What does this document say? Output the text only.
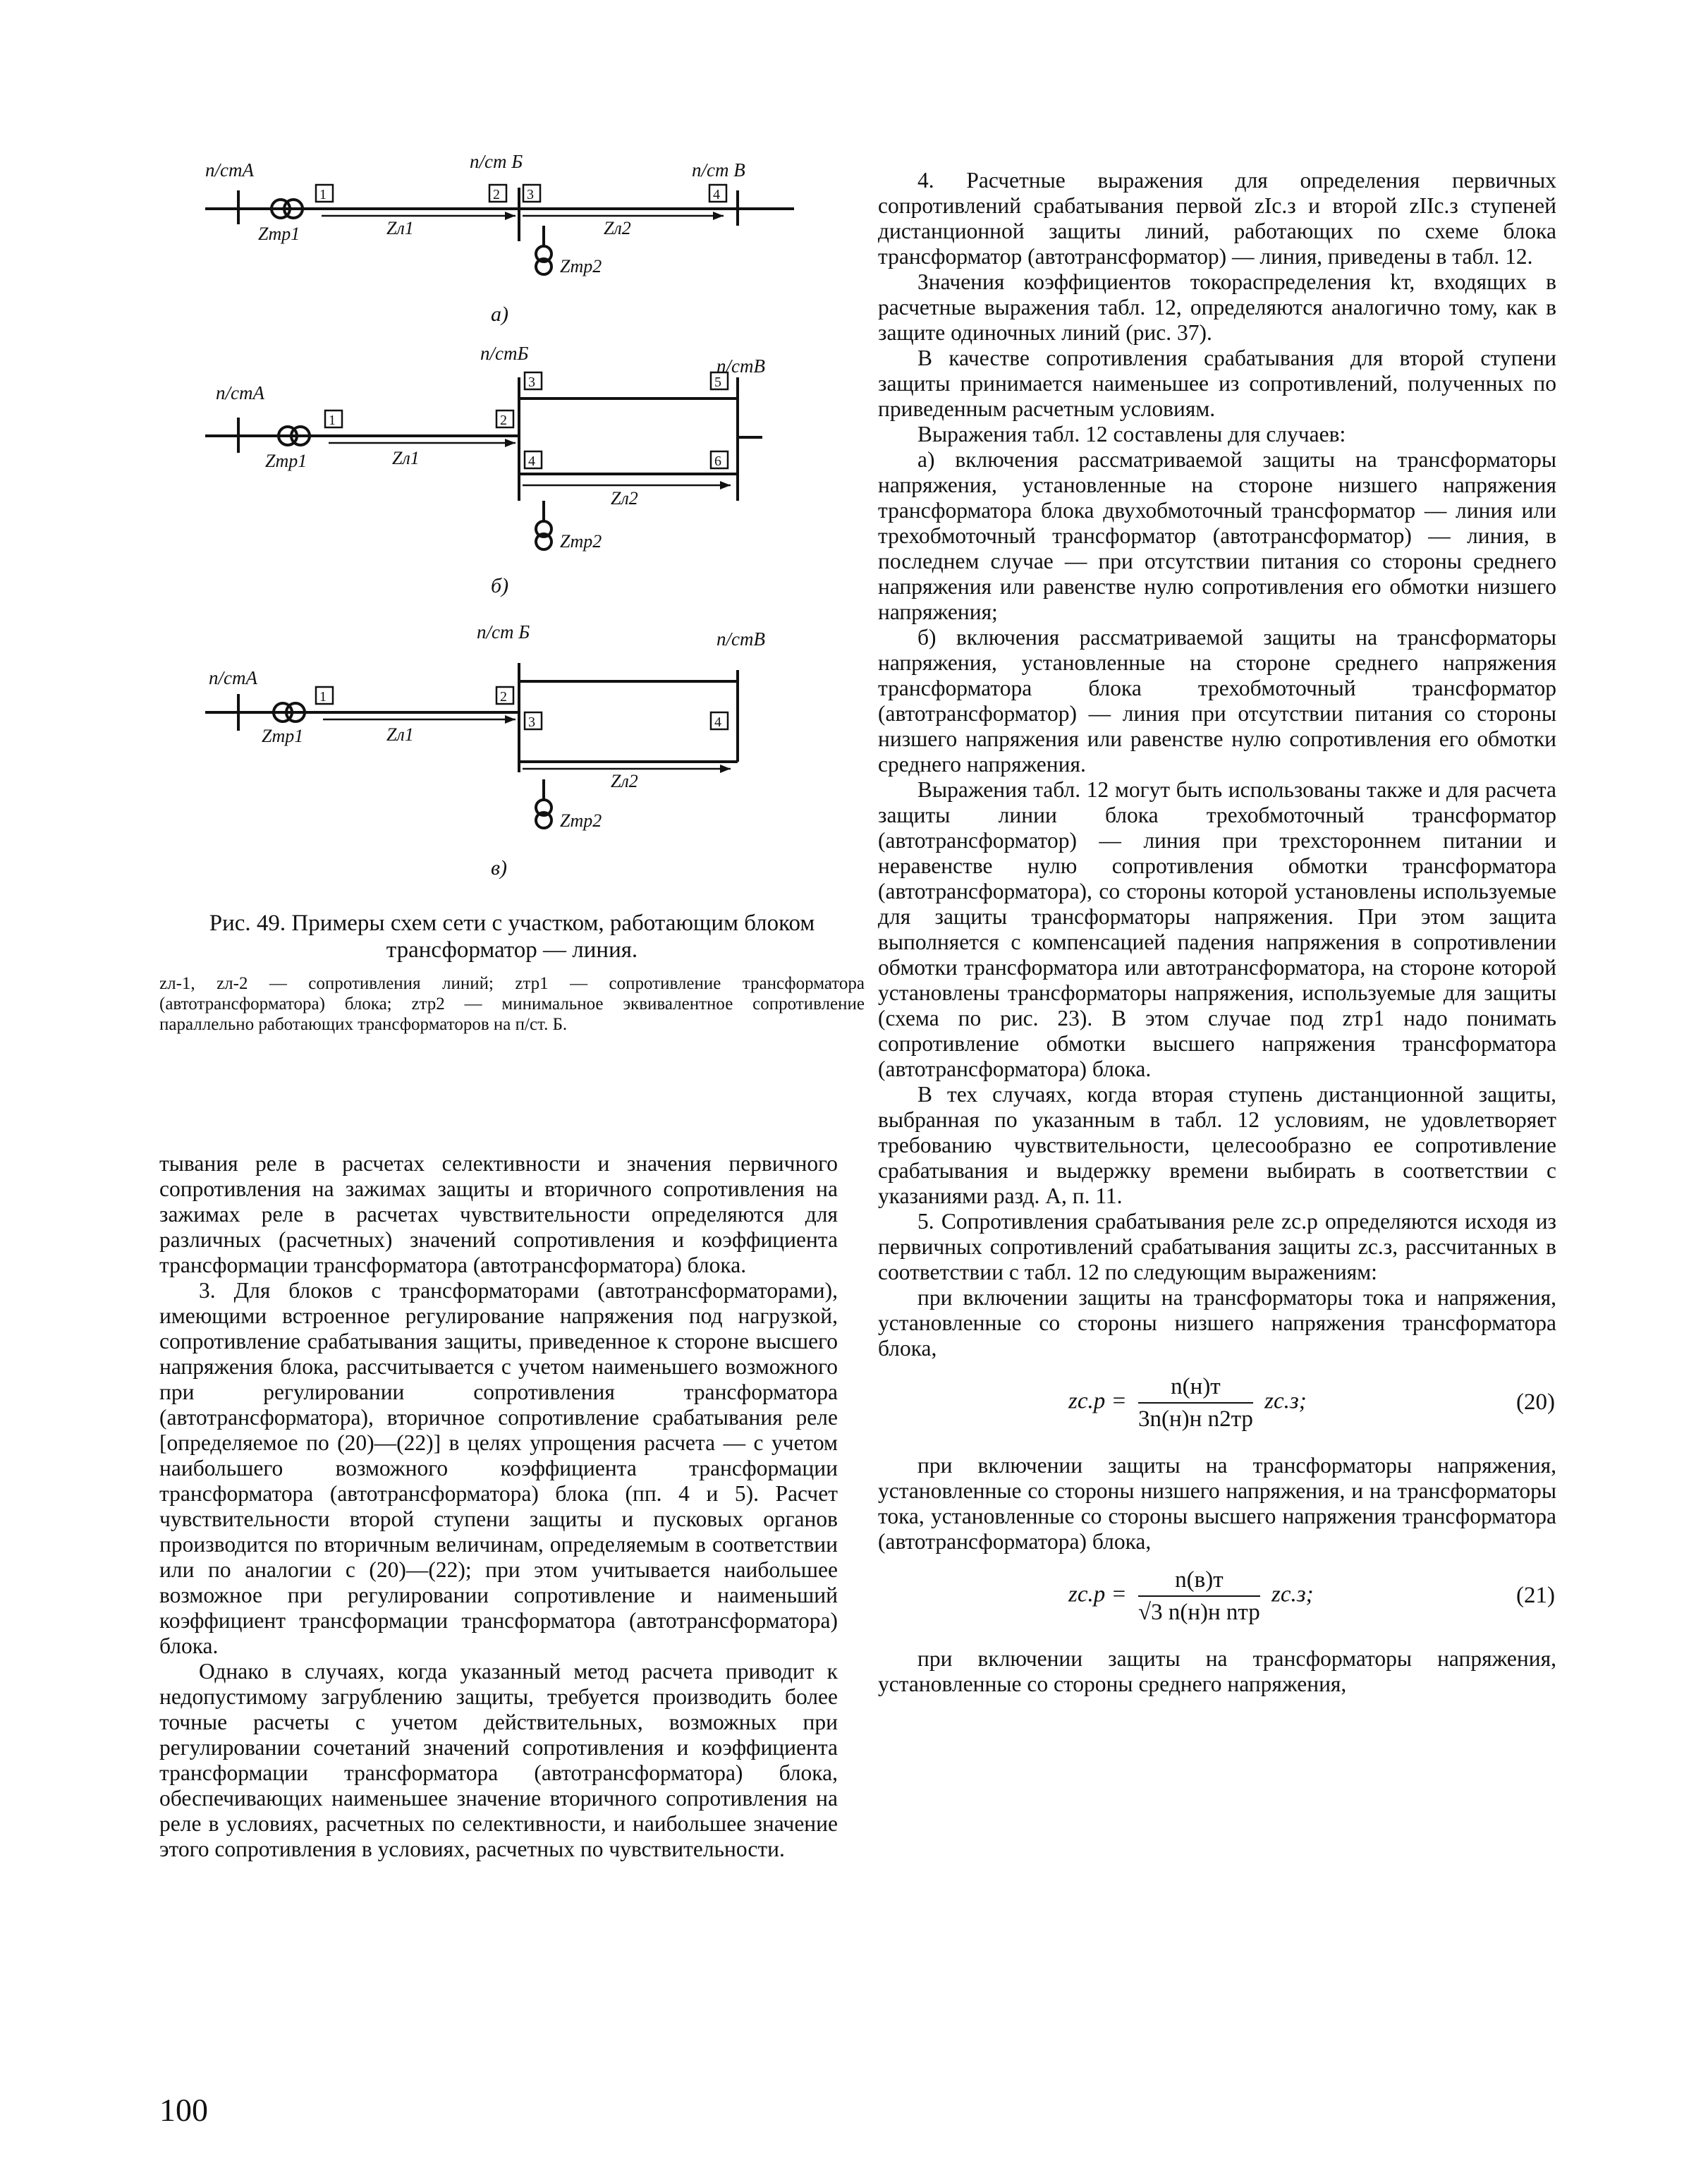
п/стА	п/ст Б	п/ст В
1	2 3	4
Zтр1	Zл1	Zл2
Zтр2
а)
п/стБ
п/стВ
п/стА
1	2
3
4
5
6
Zтр1	Zл1
Zл2
Zтр2
б)
п/ст Б	п/стВ
п/стА
1	2
3	4
Zтр1	Zл1
Zл2
Zтр2
в)
Рис. 49. Примеры схем сети с участком, работающим блоком трансформатор — линия.
zл-1, zл-2 — сопротивления линий; zтр1 — сопротивление трансформатора (автотрансформатора) блока; zтр2 — минимальное эквивалентное сопротивление параллельно работающих трансформаторов на п/ст. Б.

тывания реле в расчетах селективности и значения первичного сопротивления на зажимах защиты и вторичного сопротивления на зажимах реле в расчетах чувствительности определяются для различных (расчетных) значений сопротивления и коэффициента трансформации трансформатора (автотрансформатора) блока.

3. Для блоков с трансформаторами (автотрансформаторами), имеющими встроенное регулирование напряжения под нагрузкой, сопротивление срабатывания защиты, приведенное к стороне высшего напряжения блока, рассчитывается с учетом наименьшего возможного при регулировании сопротивления трансформатора (автотрансформатора), вторичное сопротивление срабатывания реле [определяемое по (20)—(22)] в целях упрощения расчета — с учетом наибольшего возможного коэффициента трансформации трансформатора (автотрансформатора) блока (пп. 4 и 5). Расчет чувствительности второй ступени защиты и пусковых органов производится по вторичным величинам, определяемым в соответствии или по аналогии с (20)—(22); при этом учитывается наибольшее возможное при регулировании сопротивление и наименьший коэффициент трансформации трансформатора (автотрансформатора) блока.

Однако в случаях, когда указанный метод расчета приводит к недопустимому загрублению защиты, требуется производить более точные расчеты с учетом действительных, возможных при регулировании сочетаний значений сопротивления и коэффициента трансформации трансформатора (автотрансформатора) блока, обеспечивающих наименьшее значение вторичного сопротивления на реле в условиях, расчетных по селективности, и наибольшее значение этого сопротивления в условиях, расчетных по чувствительности.

4. Расчетные выражения для определения первичных сопротивлений срабатывания первой zIс.з и второй zIIс.з ступеней дистанционной защиты линий, работающих по схеме блока трансформатор (автотрансформатор) — линия, приведены в табл. 12.

Значения коэффициентов токораспределения kт, входящих в расчетные выражения табл. 12, определяются аналогично тому, как в защите одиночных линий (рис. 37).

В качестве сопротивления срабатывания для второй ступени защиты принимается наименьшее из сопротивлений, полученных по приведенным расчетным условиям.

Выражения табл. 12 составлены для случаев:

а) включения рассматриваемой защиты на трансформаторы напряжения, установленные на стороне низшего напряжения трансформатора блока двухобмоточный трансформатор — линия или трехобмоточный трансформатор (автотрансформатор) — линия, в последнем случае — при отсутствии питания со стороны среднего напряжения или равенстве нулю сопротивления его обмотки низшего напряжения;

б) включения рассматриваемой защиты на трансформаторы напряжения, установленные на стороне среднего напряжения трансформатора блока трехобмоточный трансформатор (автотрансформатор) — линия при отсутствии питания со стороны низшего напряжения или равенстве нулю сопротивления его обмотки среднего напряжения.

Выражения табл. 12 могут быть использованы также и для расчета защиты линии блока трехобмоточный трансформатор (автотрансформатор) — линия при трехстороннем питании и неравенстве нулю сопротивления обмотки трансформатора (автотрансформатора), со стороны которой установлены используемые для защиты трансформаторы напряжения. При этом защита выполняется с компенсацией падения напряжения в сопротивлении обмотки трансформатора или автотрансформатора, на стороне которой установлены трансформаторы напряжения, используемые для защиты (схема по рис. 23). В этом случае под zтр1 надо понимать сопротивление обмотки высшего напряжения трансформатора (автотрансформатора) блока.

В тех случаях, когда вторая ступень дистанционной защиты, выбранная по указанным в табл. 12 условиям, не удовлетворяет требованию чувствительности, целесообразно ее сопротивление срабатывания и выдержку времени выбирать в соответствии с указаниями разд. А, п. 11.

5. Сопротивления срабатывания реле zс.р определяются исходя из первичных сопротивлений срабатывания защиты zс.з, рассчитанных в соответствии с табл. 12 по следующим выражениям:

при включении защиты на трансформаторы тока и напряжения, установленные со стороны низшего напряжения трансформатора блока,

$zс.р = \frac{n(н)т}{\text{3n(н)н n2тр}} zс.з$;	(20)

при включении защиты на трансформаторы напряжения, установленные со стороны низшего напряжения, и на трансформаторы тока, установленные со стороны высшего напряжения трансформатора (автотрансформатора) блока,

$zс.р = \frac{n(в)т}{\text{√3 n(н)н nтр}} zс.з$;	(21)

при включении защиты на трансформаторы напряжения, установленные со стороны среднего напряжения,

100
